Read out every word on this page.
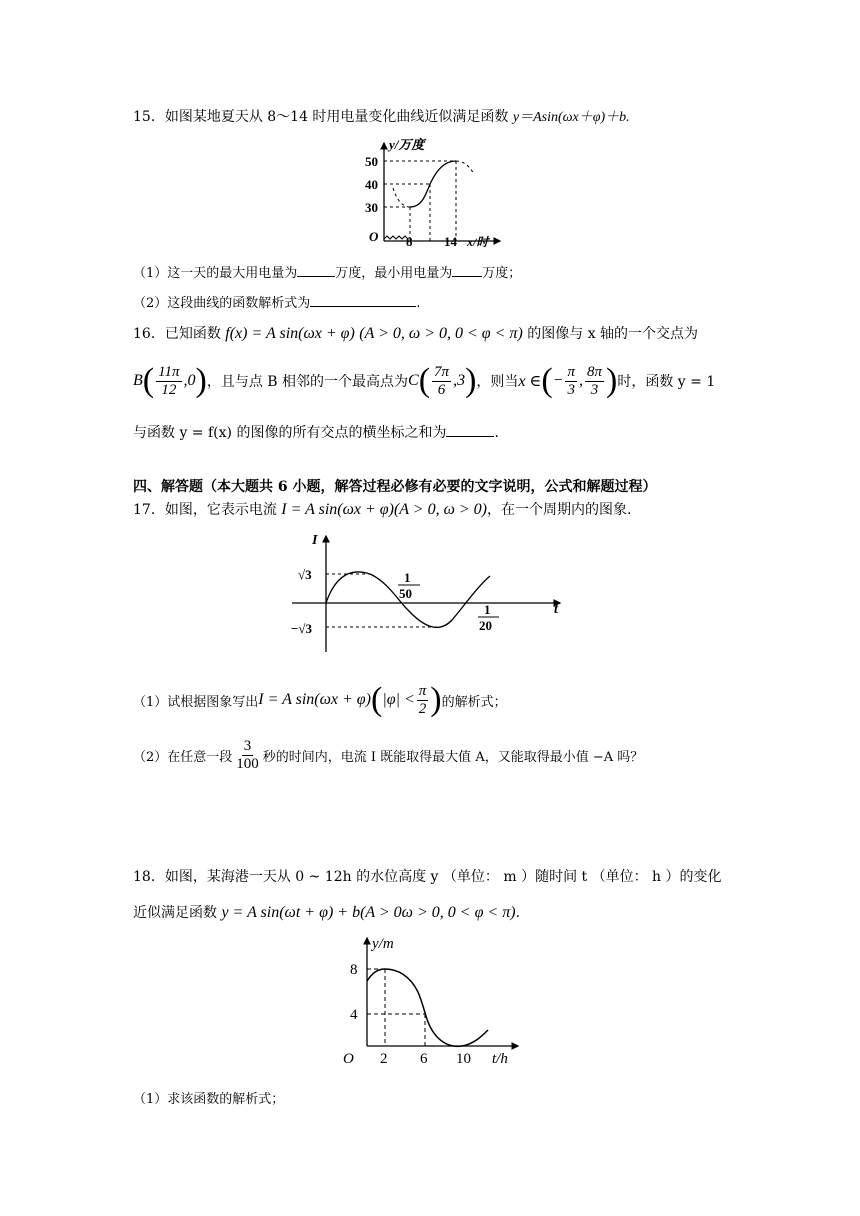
15．如图某地夏天从 8～14 时用电量变化曲线近似满足函数 y＝Asin(ωx＋φ)＋b.
y/万度
x/时
O
50
40
30
8 14
（1）这一天的最大用电量为	万度，最小用电量为 万度；
（2）这段曲线的函数解析式为	.
16．已知函数 f(x) = A sin(ωx + φ) (A > 0, ω > 0, 0 < φ < π) 的图像与 x 轴的一个交点为
B ( $\frac{11\pi}{12} ,0$ ) ，且与点 B 相邻的一个最高点为 C ( $\frac{7\pi}{6} ,3$ ) ，则当 x ∈ ( − $\frac{\pi}{3}$ , $\frac{8\pi}{3}$ ) 时，函数 y = 1
与函数 y = f(x) 的图像的所有交点的横坐标之和为	.
四、解答题（本大题共 6 小题，解答过程必修有必要的文字说明，公式和解题过程）
17．如图，它表示电流 I = A sin(ωx + φ)(A > 0, ω > 0)，在一个周期内的图象.
I
t
√3
−√3
1
50
1
20
（1）试根据图象写出 I = A sin(ωx + φ) ( $|\varphi| < \frac{\pi}{2}$ ) 的解析式；
（2）在任意一段 $\frac{3}{100}$ 秒的时间内，电流 I 既能取得最大值 A，又能取得最小值 −A 吗？
18．如图，某海港一天从 0 ~ 12h 的水位高度 y （单位： m ）随时间 t （单位： h ）的变化
近似满足函数 y = A sin(ωt + φ) + b(A > 0ω > 0, 0 < φ < π).
y/m
t/h
O
8
4
2 6 10
（1）求该函数的解析式；
